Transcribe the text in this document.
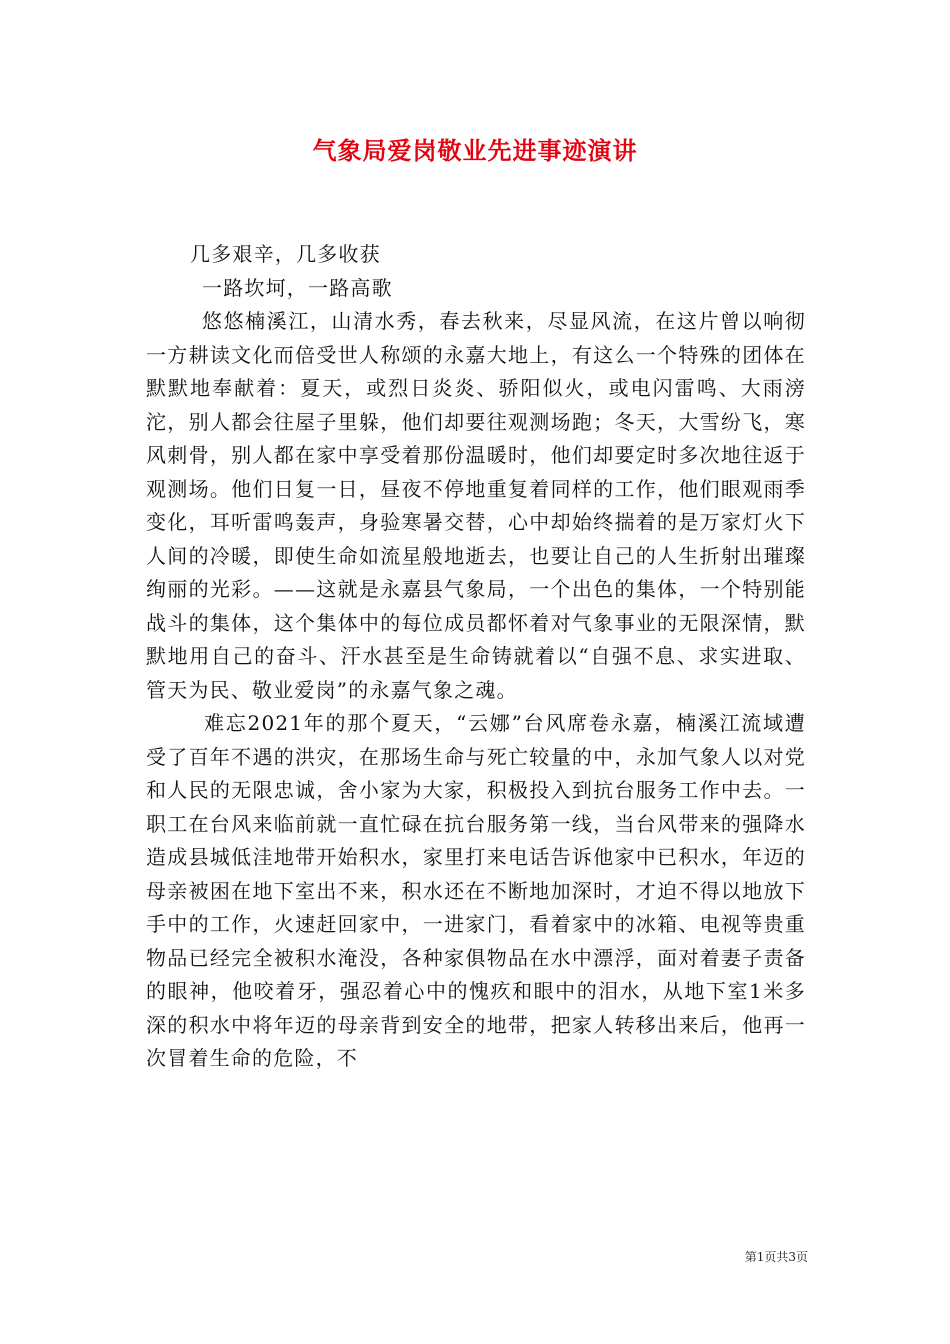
气象局爱岗敬业先进事迹演讲

几多艰辛，几多收获

一路坎坷，一路高歌

悠悠楠溪江，山清水秀，春去秋来，尽显风流，在这片曾以响彻一方耕读文化而倍受世人称颂的永嘉大地上，有这么一个特殊的团体在默默地奉献着：夏天，或烈日炎炎、骄阳似火，或电闪雷鸣、大雨滂沱，别人都会往屋子里躲，他们却要往观测场跑；冬天，大雪纷飞，寒风刺骨，别人都在家中享受着那份温暖时，他们却要定时多次地往返于观测场。他们日复一日，昼夜不停地重复着同样的工作，他们眼观雨季变化，耳听雷鸣轰声，身验寒暑交替，心中却始终揣着的是万家灯火下人间的冷暖，即使生命如流星般地逝去，也要让自己的人生折射出璀璨绚丽的光彩。——这就是永嘉县气象局，一个出色的集体，一个特别能战斗的集体，这个集体中的每位成员都怀着对气象事业的无限深情，默默地用自己的奋斗、汗水甚至是生命铸就着以“自强不息、求实进取、管天为民、敬业爱岗”的永嘉气象之魂。

难忘2021年的那个夏天，“云娜”台风席卷永嘉，楠溪江流域遭受了百年不遇的洪灾，在那场生命与死亡较量的中，永加气象人以对党和人民的无限忠诚，舍小家为大家，积极投入到抗台服务工作中去。一职工在台风来临前就一直忙碌在抗台服务第一线，当台风带来的强降水造成县城低洼地带开始积水，家里打来电话告诉他家中已积水，年迈的母亲被困在地下室出不来，积水还在不断地加深时，才迫不得以地放下手中的工作，火速赶回家中，一进家门，看着家中的冰箱、电视等贵重物品已经完全被积水淹没，各种家俱物品在水中漂浮，面对着妻子责备的眼神，他咬着牙，强忍着心中的愧疚和眼中的泪水，从地下室1米多深的积水中将年迈的母亲背到安全的地带，把家人转移出来后，他再一次冒着生命的危险，不

第1页共3页
